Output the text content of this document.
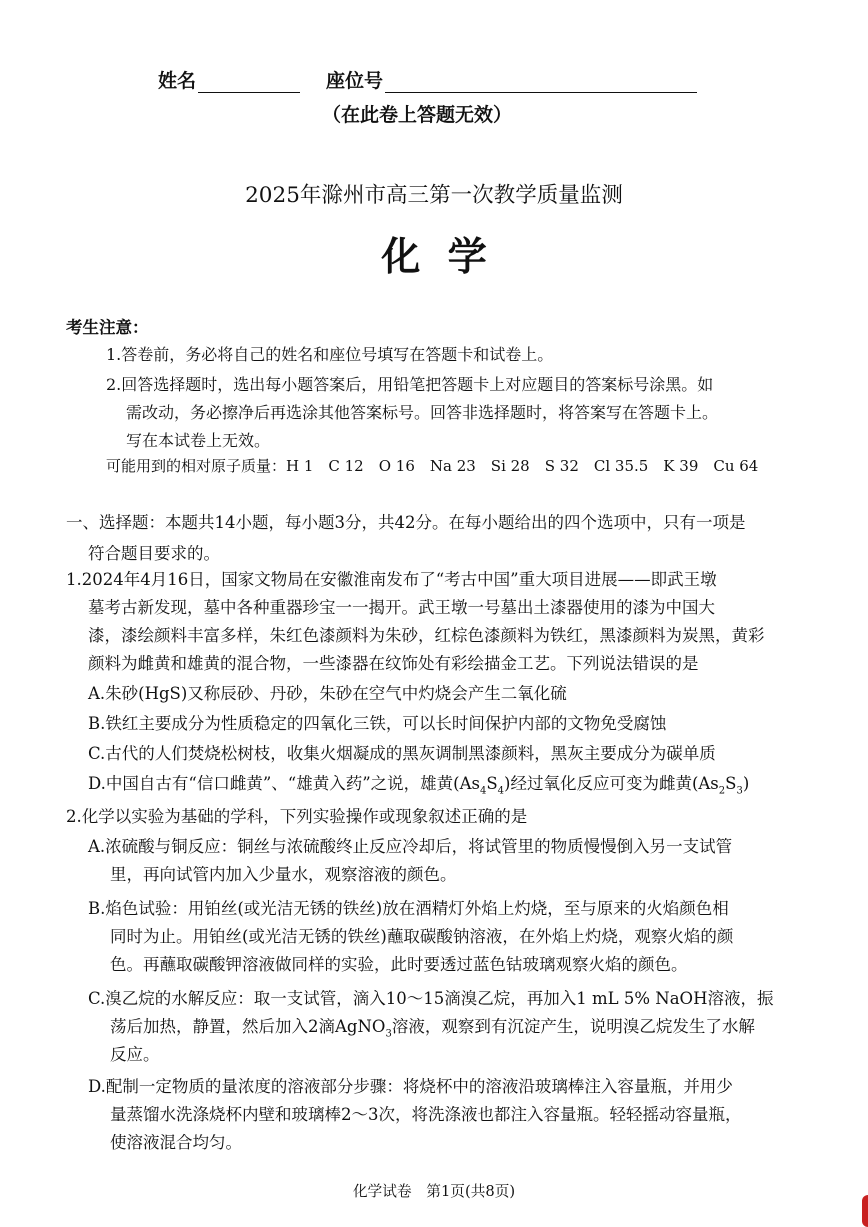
姓名	座位号
（在此卷上答题无效）
2025年滁州市高三第一次教学质量监测
化  学
考生注意：
1.答卷前，务必将自己的姓名和座位号填写在答题卡和试卷上。
2.回答选择题时，选出每小题答案后，用铅笔把答题卡上对应题目的答案标号涂黑。如
需改动，务必擦净后再选涂其他答案标号。回答非选择题时，将答案写在答题卡上。
写在本试卷上无效。
可能用到的相对原子质量：H 1　C 12　O 16　Na 23　Si 28　S 32　Cl 35.5　K 39　Cu 64
一、选择题：本题共14小题，每小题3分，共42分。在每小题给出的四个选项中，只有一项是
符合题目要求的。
1.2024年4月16日，国家文物局在安徽淮南发布了“考古中国”重大项目进展——即武王墩
墓考古新发现，墓中各种重器珍宝一一揭开。武王墩一号墓出土漆器使用的漆为中国大
漆，漆绘颜料丰富多样，朱红色漆颜料为朱砂，红棕色漆颜料为铁红，黑漆颜料为炭黑，黄彩
颜料为雌黄和雄黄的混合物，一些漆器在纹饰处有彩绘描金工艺。下列说法错误的是
A.朱砂(HgS)又称辰砂、丹砂，朱砂在空气中灼烧会产生二氧化硫
B.铁红主要成分为性质稳定的四氧化三铁，可以长时间保护内部的文物免受腐蚀
C.古代的人们焚烧松树枝，收集火烟凝成的黑灰调制黑漆颜料，黑灰主要成分为碳单质
D.中国自古有“信口雌黄”、“雄黄入药”之说，雄黄$(As_4S_4)$经过氧化反应可变为雌黄$(As_2S_3)$
2.化学以实验为基础的学科，下列实验操作或现象叙述正确的是
A.浓硫酸与铜反应：铜丝与浓硫酸终止反应冷却后，将试管里的物质慢慢倒入另一支试管
里，再向试管内加入少量水，观察溶液的颜色。
B.焰色试验：用铂丝(或光洁无锈的铁丝)放在酒精灯外焰上灼烧，至与原来的火焰颜色相
同时为止。用铂丝(或光洁无锈的铁丝)蘸取碳酸钠溶液，在外焰上灼烧，观察火焰的颜
色。再蘸取碳酸钾溶液做同样的实验，此时要透过蓝色钴玻璃观察火焰的颜色。
C.溴乙烷的水解反应：取一支试管，滴入10～15滴溴乙烷，再加入1 mL 5% NaOH溶液，振
荡后加热，静置，然后加入2滴AgNO$_3$溶液，观察到有沉淀产生，说明溴乙烷发生了水解
反应。
D.配制一定物质的量浓度的溶液部分步骤：将烧杯中的溶液沿玻璃棒注入容量瓶，并用少
量蒸馏水洗涤烧杯内壁和玻璃棒2～3次，将洗涤液也都注入容量瓶。轻轻摇动容量瓶，
使溶液混合均匀。
化学试卷　第1页(共8页)
